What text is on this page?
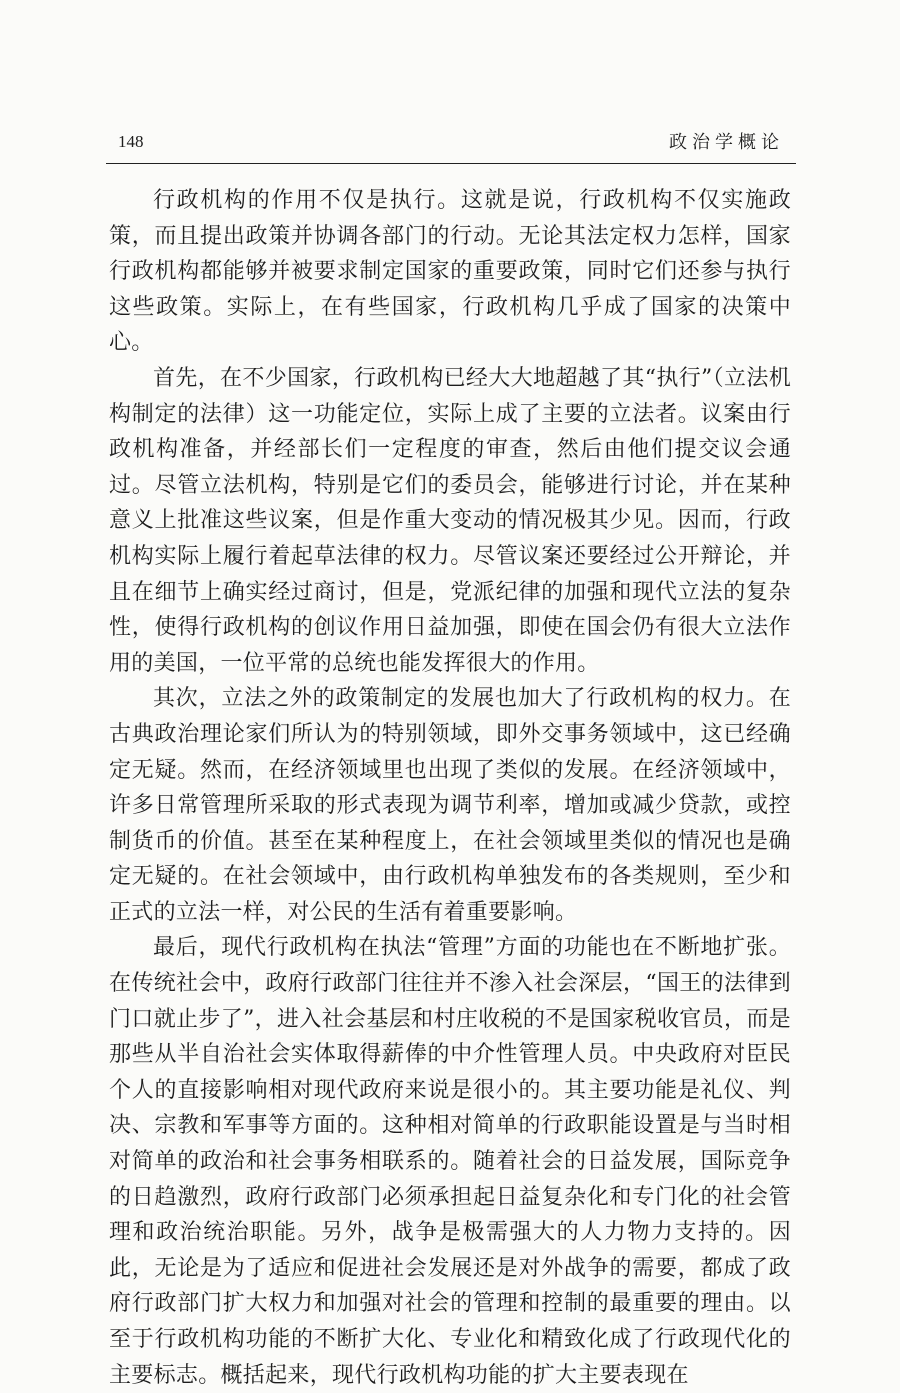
148	政治学概论

行政机构的作用不仅是执行。这就是说，行政机构不仅实施政策，而且提出政策并协调各部门的行动。无论其法定权力怎样，国家行政机构都能够并被要求制定国家的重要政策，同时它们还参与执行这些政策。实际上，在有些国家，行政机构几乎成了国家的决策中心。

首先，在不少国家，行政机构已经大大地超越了其“执行”（立法机构制定的法律）这一功能定位，实际上成了主要的立法者。议案由行政机构准备，并经部长们一定程度的审查，然后由他们提交议会通过。尽管立法机构，特别是它们的委员会，能够进行讨论，并在某种意义上批准这些议案，但是作重大变动的情况极其少见。因而，行政机构实际上履行着起草法律的权力。尽管议案还要经过公开辩论，并且在细节上确实经过商讨，但是，党派纪律的加强和现代立法的复杂性，使得行政机构的创议作用日益加强，即使在国会仍有很大立法作用的美国，一位平常的总统也能发挥很大的作用。

其次，立法之外的政策制定的发展也加大了行政机构的权力。在古典政治理论家们所认为的特别领域，即外交事务领域中，这已经确定无疑。然而，在经济领域里也出现了类似的发展。在经济领域中，许多日常管理所采取的形式表现为调节利率，增加或减少贷款，或控制货币的价值。甚至在某种程度上，在社会领域里类似的情况也是确定无疑的。在社会领域中，由行政机构单独发布的各类规则，至少和正式的立法一样，对公民的生活有着重要影响。

最后，现代行政机构在执法“管理”方面的功能也在不断地扩张。在传统社会中，政府行政部门往往并不渗入社会深层，“国王的法律到门口就止步了”，进入社会基层和村庄收税的不是国家税收官员，而是那些从半自治社会实体取得薪俸的中介性管理人员。中央政府对臣民个人的直接影响相对现代政府来说是很小的。其主要功能是礼仪、判决、宗教和军事等方面的。这种相对简单的行政职能设置是与当时相对简单的政治和社会事务相联系的。随着社会的日益发展，国际竞争的日趋激烈，政府行政部门必须承担起日益复杂化和专门化的社会管理和政治统治职能。另外，战争是极需强大的人力物力支持的。因此，无论是为了适应和促进社会发展还是对外战争的需要，都成了政府行政部门扩大权力和加强对社会的管理和控制的最重要的理由。以至于行政机构功能的不断扩大化、专业化和精致化成了行政现代化的主要标志。概括起来，现代行政机构功能的扩大主要表现在
